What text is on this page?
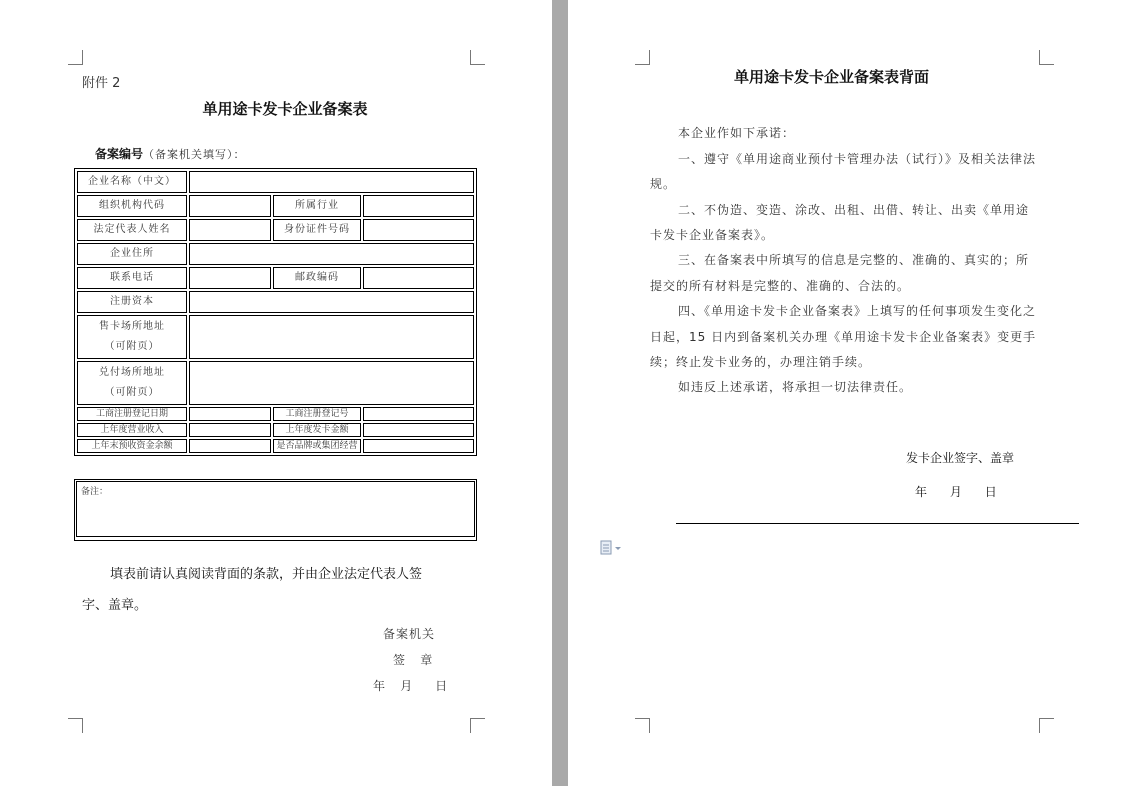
附件 2
单用途卡发卡企业备案表
备案编号（备案机关填写）：
企业名称（中文）			
组织机构代码		所属行业	
法定代表人姓名		身份证件号码	
企业住所			
联系电话		邮政编码	
注册资本			

售卡场所地址
（可附页）			

兑付场所地址
（可附页）			

工商注册登记日期		工商注册登记号	
上年度营业收入		上年度发卡金额	
上年末预收资金余额		是否品牌或集团经营	
备注：
填表前请认真阅读背面的条款，并由企业法定代表人签
字、盖章。
备案机关
签    章
年    月      日
单用途卡发卡企业备案表背面
本企业作如下承诺：
一、遵守《单用途商业预付卡管理办法（试行）》及相关法律法
规。
二、不伪造、变造、涂改、出租、出借、转让、出卖《单用途
卡发卡企业备案表》。
三、在备案表中所填写的信息是完整的、准确的、真实的；所
提交的所有材料是完整的、准确的、合法的。
四、《单用途卡发卡企业备案表》上填写的任何事项发生变化之
日起，15 日内到备案机关办理《单用途卡发卡企业备案表》变更手
续；终止发卡业务的，办理注销手续。
如违反上述承诺，将承担一切法律责任。
发卡企业签字、盖章
年      月      日
